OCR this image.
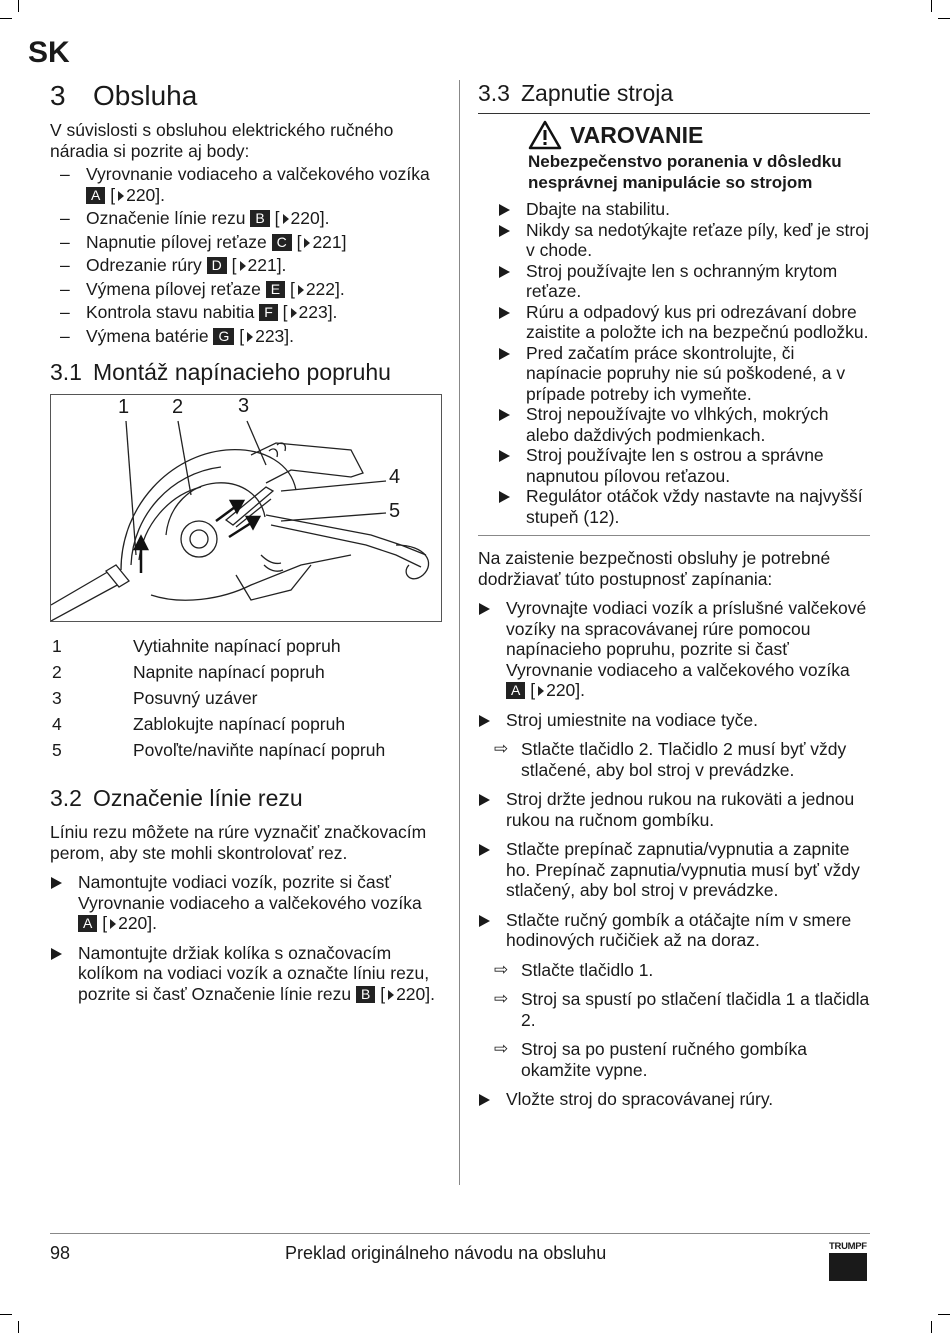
SK
3 Obsluha

V súvislosti s obsluhou elektrického ručného náradia si pozrite aj body:

– Vyrovnanie vodiaceho a valčekového vozíka A [ 220].
– Označenie línie rezu B [ 220].
– Napnutie pílovej reťaze C [ 221]
– Odrezanie rúry D [ 221].
– Výmena pílovej reťaze E [ 222].
– Kontrola stavu nabitia F [ 223].
– Výmena batérie G [ 223].
3.1 Montáž napínacieho popruhu
1 2	3
4
5
1	Vytiahnite napínací popruh
2	Napnite napínací popruh
3	Posuvný uzáver
4	Zablokujte napínací popruh
5	Povoľte/naviňte napínací popruh
3.2 Označenie línie rezu

Líniu rezu môžete na rúre vyznačiť značkovacím perom, aby ste mohli skontrolovať rez.

Namontujte vodiaci vozík, pozrite si časť Vyrovnanie vodiaceho a valčekového vozíka A [ 220].
Namontujte držiak kolíka s označovacím kolíkom na vodiaci vozík a označte líniu rezu, pozrite si časť Označenie línie rezu B [ 220].
3.3 Zapnutie stroja
VAROVANIE
Nebezpečenstvo poranenia v dôsledku nesprávnej manipulácie so strojom
Dbajte na stabilitu.
Nikdy sa nedotýkajte reťaze píly, keď je stroj v chode.
Stroj používajte len s ochranným krytom reťaze.
Rúru a odpadový kus pri odrezávaní dobre zaistite a položte ich na bezpečnú podložku.
Pred začatím práce skontrolujte, či napínacie popruhy nie sú poškodené, a v prípade potreby ich vymeňte.
Stroj nepoužívajte vo vlhkých, mokrých alebo daždivých podmienkach.
Stroj používajte len s ostrou a správne napnutou pílovou reťazou.
Regulátor otáčok vždy nastavte na najvyšší stupeň (12).

Na zaistenie bezpečnosti obsluhy je potrebné dodržiavať túto postupnosť zapínania:

Vyrovnajte vodiaci vozík a príslušné valčekové vozíky na spracovávanej rúre pomocou napínacieho popruhu, pozrite si časť Vyrovnanie vodiaceho a valčekového vozíka A [ 220].
Stroj umiestnite na vodiace tyče.
⇨ Stlačte tlačidlo 2. Tlačidlo 2 musí byť vždy stlačené, aby bol stroj v prevádzke.
Stroj držte jednou rukou na rukoväti a jednou rukou na ručnom gombíku.
Stlačte prepínač zapnutia/vypnutia a zapnite ho. Prepínač zapnutia/vypnutia musí byť vždy stlačený, aby bol stroj v prevádzke.
Stlačte ručný gombík a otáčajte ním v smere hodinových ručičiek až na doraz.
⇨ Stlačte tlačidlo 1.
⇨ Stroj sa spustí po stlačení tlačidla 1 a tlačidla 2.
⇨ Stroj sa po pustení ručného gombíka okamžite vypne.
Vložte stroj do spracovávanej rúry.
98	Preklad originálneho návodu na obsluhu	TRUMPF
